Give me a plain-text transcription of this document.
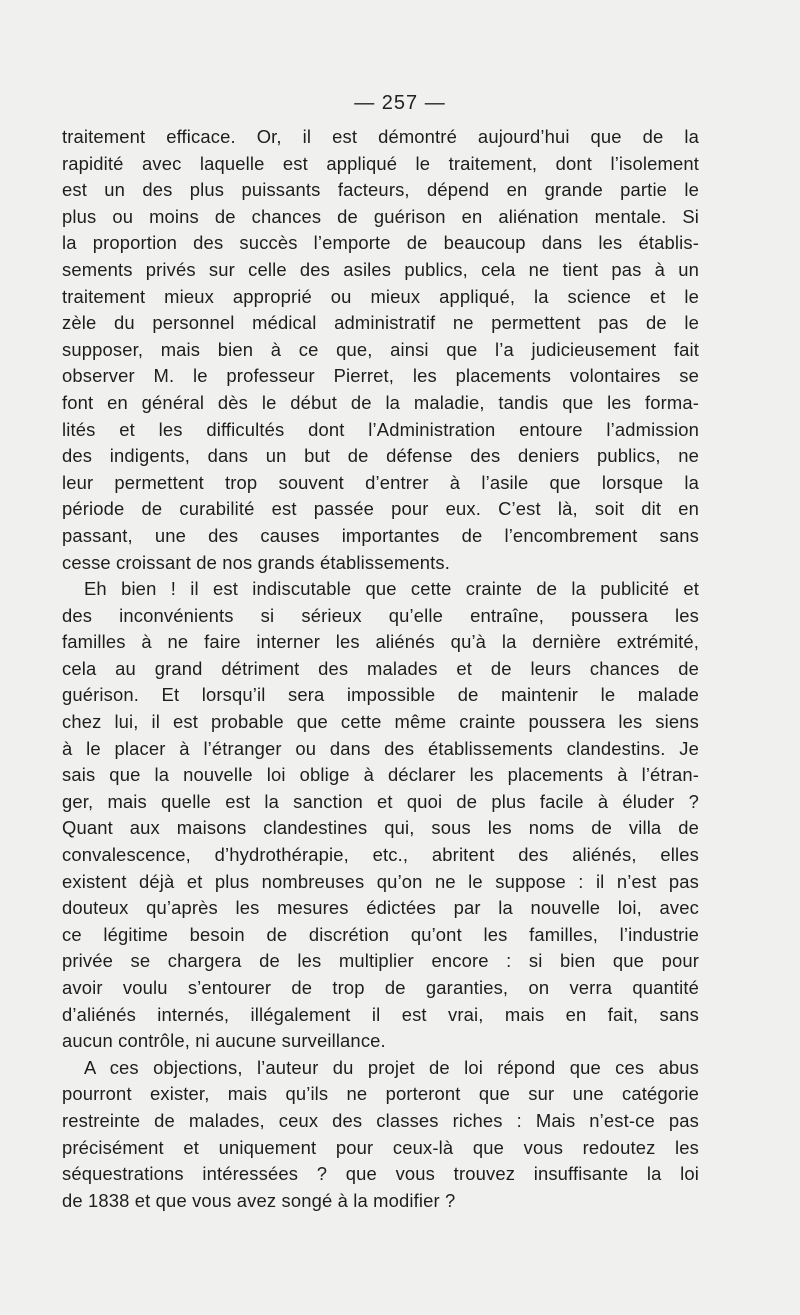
— 257 —

traitement efficace. Or, il est démontré aujourd’hui que de la

rapidité avec laquelle est appliqué le traitement, dont l’isolement

est un des plus puissants facteurs, dépend en grande partie le

plus ou moins de chances de guérison en aliénation mentale. Si

la proportion des succès l’emporte de beaucoup dans les établis-

sements privés sur celle des asiles publics, cela ne tient pas à un

traitement mieux approprié ou mieux appliqué, la science et le

zèle du personnel médical administratif ne permettent pas de le

supposer, mais bien à ce que, ainsi que l’a judicieusement fait

observer M. le professeur Pierret, les placements volontaires se

font en général dès le début de la maladie, tandis que les forma-

lités et les difficultés dont l’Administration entoure l’admission

des indigents, dans un but de défense des deniers publics, ne

leur permettent trop souvent d’entrer à l’asile que lorsque la

période de curabilité est passée pour eux. C’est là, soit dit en

passant, une des causes importantes de l’encombrement sans

cesse croissant de nos grands établissements.

Eh bien ! il est indiscutable que cette crainte de la publicité et

des inconvénients si sérieux qu’elle entraîne, poussera les

familles à ne faire interner les aliénés qu’à la dernière extrémité,

cela au grand détriment des malades et de leurs chances de

guérison. Et lorsqu’il sera impossible de maintenir le malade

chez lui, il est probable que cette même crainte poussera les siens

à le placer à l’étranger ou dans des établissements clandestins. Je

sais que la nouvelle loi oblige à déclarer les placements à l’étran-

ger, mais quelle est la sanction et quoi de plus facile à éluder ?

Quant aux maisons clandestines qui, sous les noms de villa de

convalescence, d’hydrothérapie, etc., abritent des aliénés, elles

existent déjà et plus nombreuses qu’on ne le suppose : il n’est pas

douteux qu’après les mesures édictées par la nouvelle loi, avec

ce légitime besoin de discrétion qu’ont les familles, l’industrie

privée se chargera de les multiplier encore : si bien que pour

avoir voulu s’entourer de trop de garanties, on verra quantité

d’aliénés internés, illégalement il est vrai, mais en fait, sans

aucun contrôle, ni aucune surveillance.

A ces objections, l’auteur du projet de loi répond que ces abus

pourront exister, mais qu’ils ne porteront que sur une catégorie

restreinte de malades, ceux des classes riches : Mais n’est-ce pas

précisément et uniquement pour ceux-là que vous redoutez les

séquestrations intéressées ? que vous trouvez insuffisante la loi

de 1838 et que vous avez songé à la modifier ?
